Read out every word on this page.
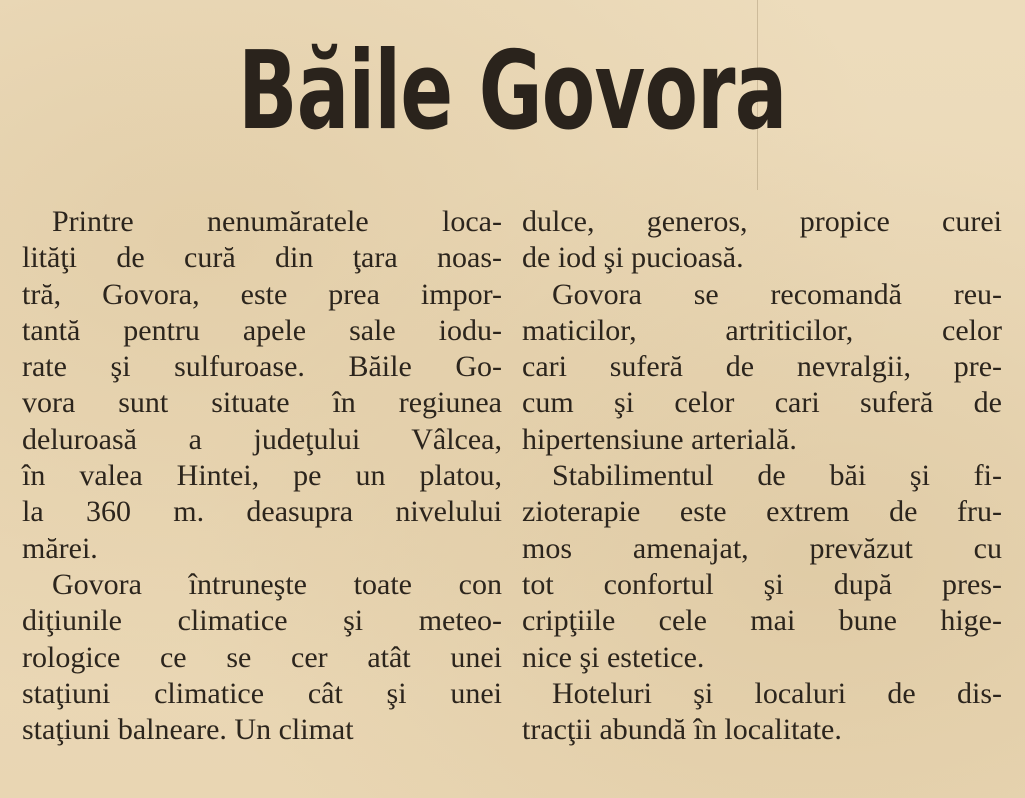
Băile Govora
Printre nenumăratele loca-
lităţi de cură din ţara noas-
tră, Govora, este prea impor-
tantă pentru apele sale iodu-
rate şi sulfuroase. Băile Go-
vora sunt situate în regiunea
deluroasă a judeţului Vâlcea,
în valea Hintei, pe un platou,
la 360 m. deasupra nivelului
mărei.
Govora întruneşte toate con
diţiunile climatice şi meteo-
rologice ce se cer atât unei
staţiuni climatice cât şi unei
staţiuni balneare. Un climat
dulce, generos, propice curei
de iod şi pucioasă.
Govora se recomandă reu-
maticilor, artriticilor, celor
cari suferă de nevralgii, pre-
cum şi celor cari suferă de
hipertensiune arterială.
Stabilimentul de băi şi fi-
zioterapie este extrem de fru-
mos amenajat, prevăzut cu
tot confortul şi după pres-
cripţiile cele mai bune hige-
nice şi estetice.
Hoteluri şi localuri de dis-
tracţii abundă în localitate.
